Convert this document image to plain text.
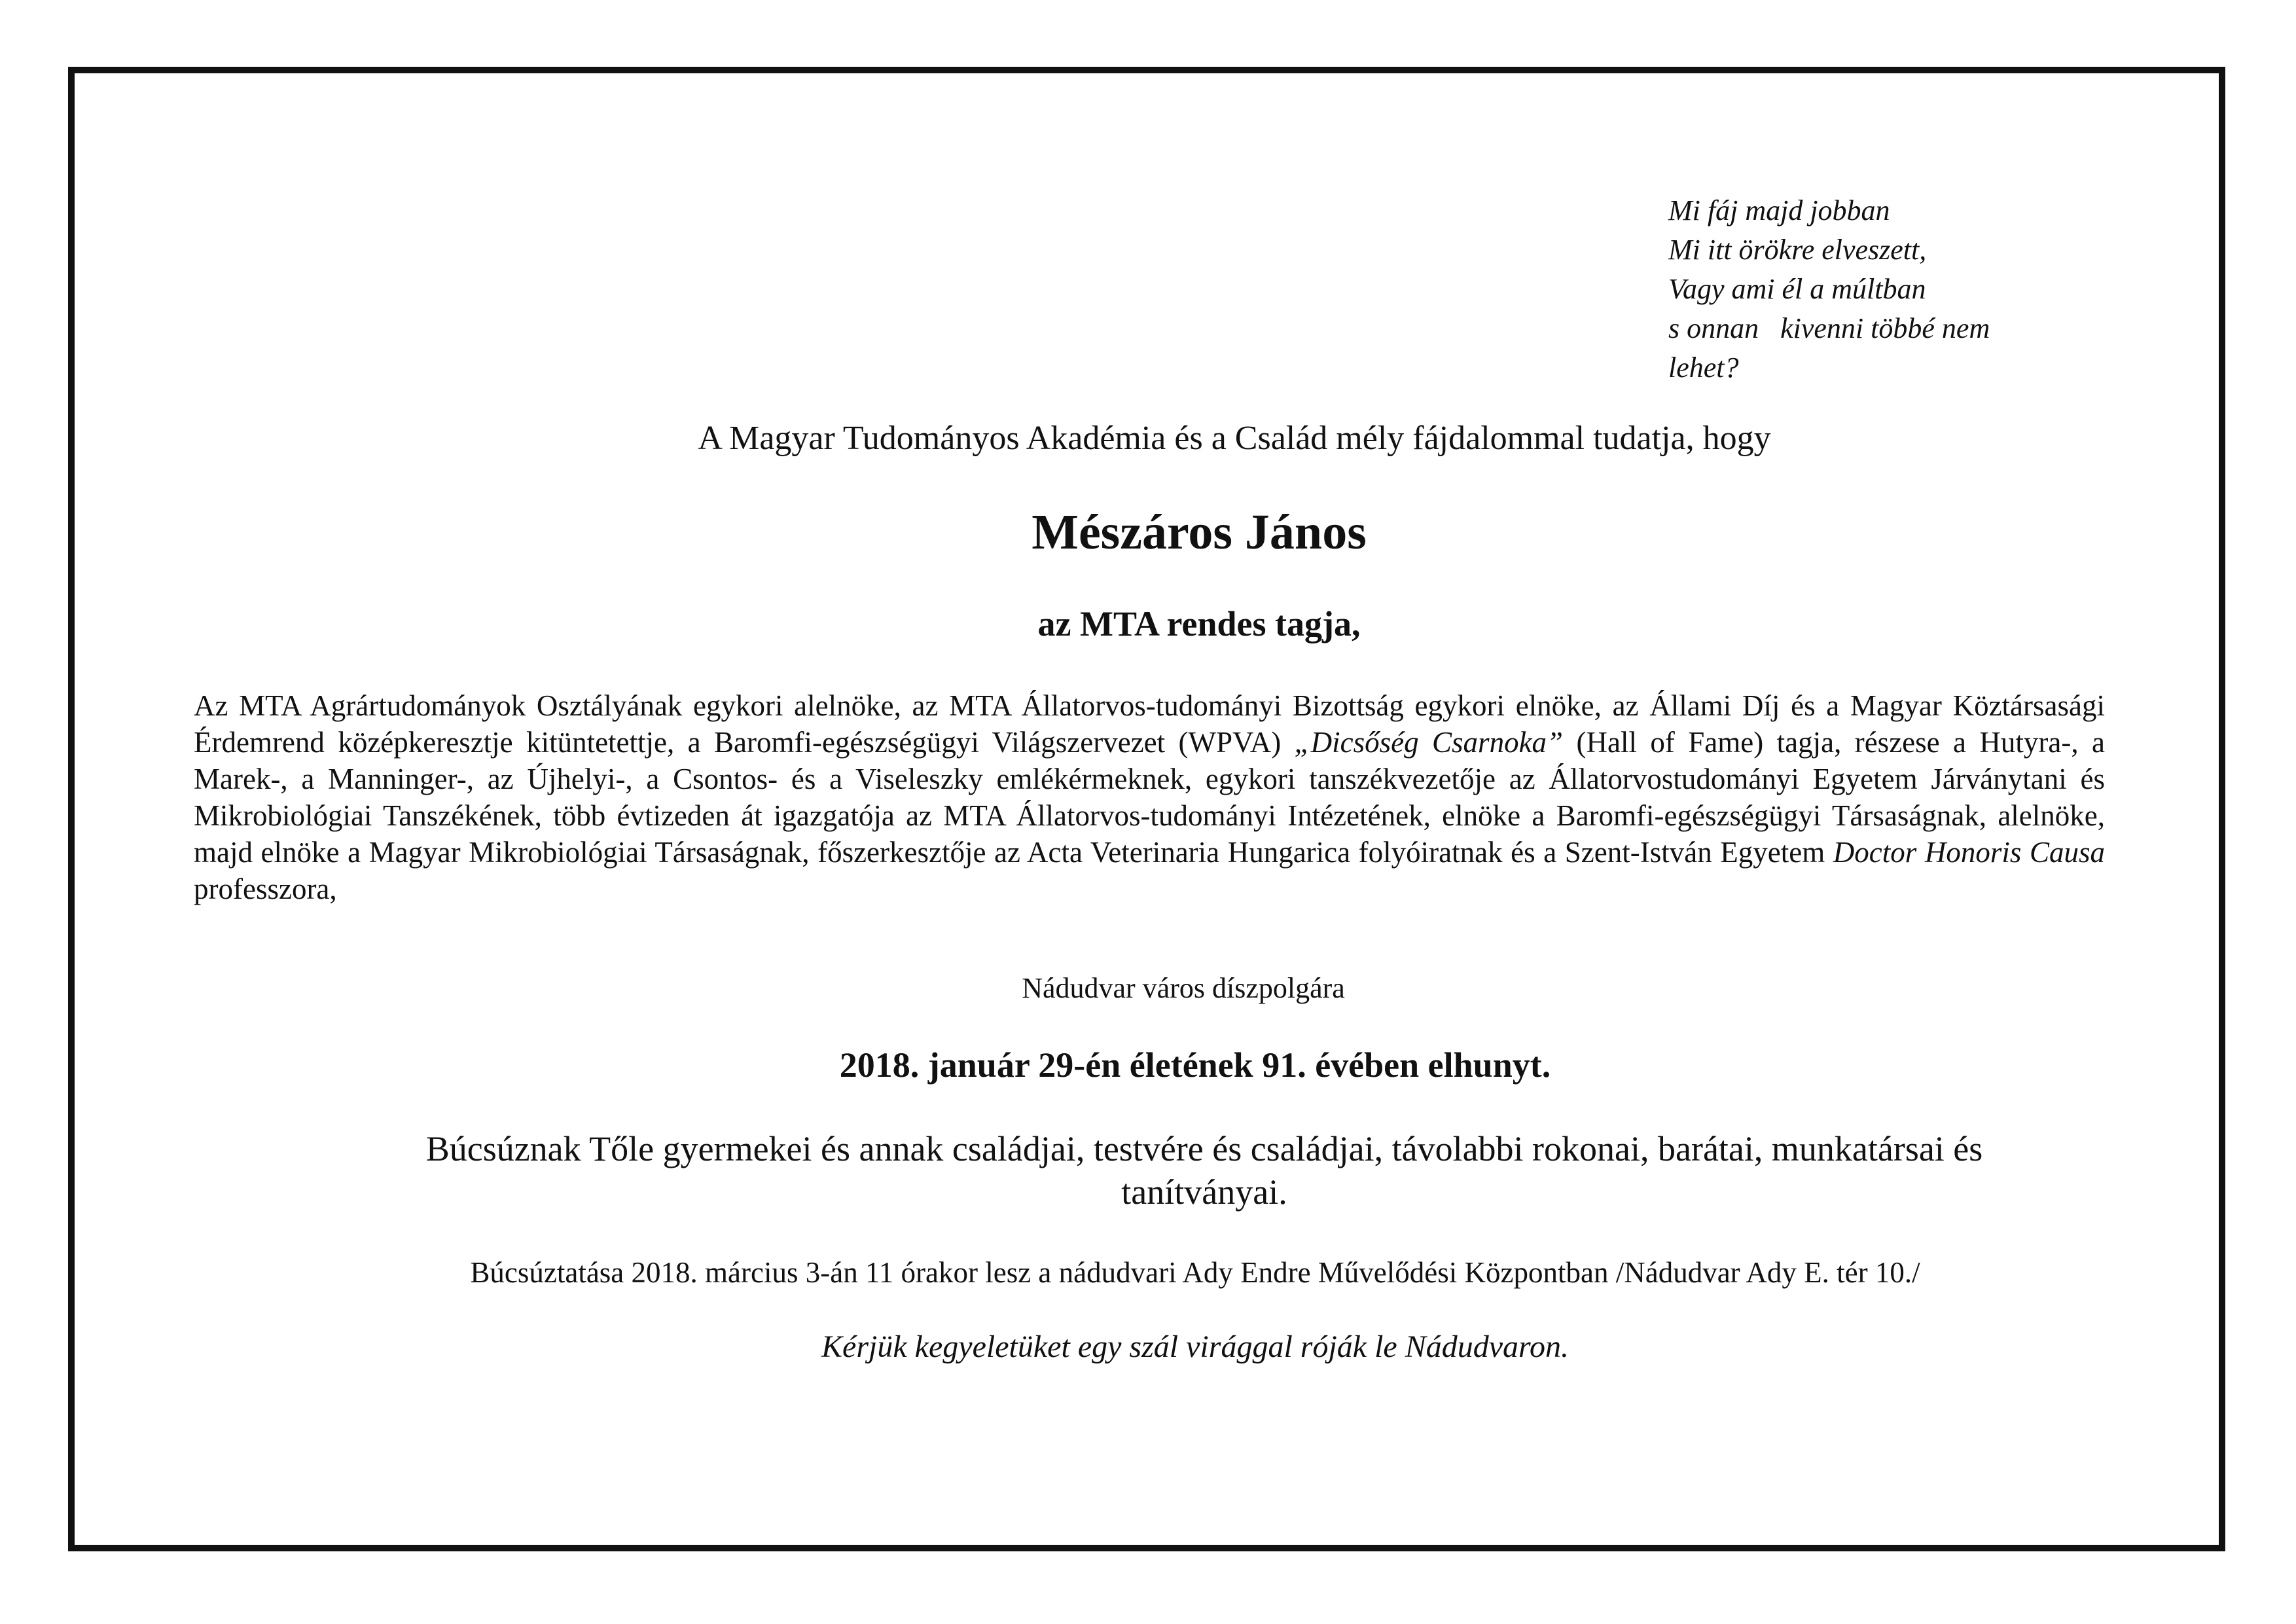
Mi fáj majd jobban
Mi itt örökre elveszett,
Vagy ami él a múltban
s onnan   kivenni többé nem
lehet?
A Magyar Tudományos Akadémia és a Család mély fájdalommal tudatja, hogy
Mészáros János
az MTA rendes tagja,
Az MTA Agrártudományok Osztályának egykori alelnöke, az MTA Állatorvos-tudományi Bizottság egykori elnöke, az Állami Díj és a Magyar Köztársasági Érdemrend középkeresztje kitüntetettje, a Baromfi-egészségügyi Világszervezet (WPVA) „Dicsőség Csarnoka” (Hall of Fame) tagja, részese a Hutyra-, a Marek-, a Manninger-, az Újhelyi-, a Csontos- és a Viseleszky emlékérmeknek, egykori tanszékvezetője az Állatorvostudományi Egyetem Járványtani és Mikrobiológiai Tanszékének, több évtizeden át igazgatója az MTA Állatorvos-tudományi Intézetének, elnöke a Baromfi-egészségügyi Társaságnak, alelnöke, majd elnöke a Magyar Mikrobiológiai Társaságnak, főszerkesztője az Acta Veterinaria Hungarica folyóiratnak és a Szent-István Egyetem Doctor Honoris Causa professzora,
Nádudvar város díszpolgára
2018. január 29-én életének 91. évében elhunyt.
Búcsúznak Tőle gyermekei és annak családjai, testvére és családjai, távolabbi rokonai, barátai, munkatársai és tanítványai.
Búcsúztatása 2018. március 3-án 11 órakor lesz a nádudvari Ady Endre Művelődési Központban /Nádudvar Ady E. tér 10./
Kérjük kegyeletüket egy szál virággal róják le Nádudvaron.
